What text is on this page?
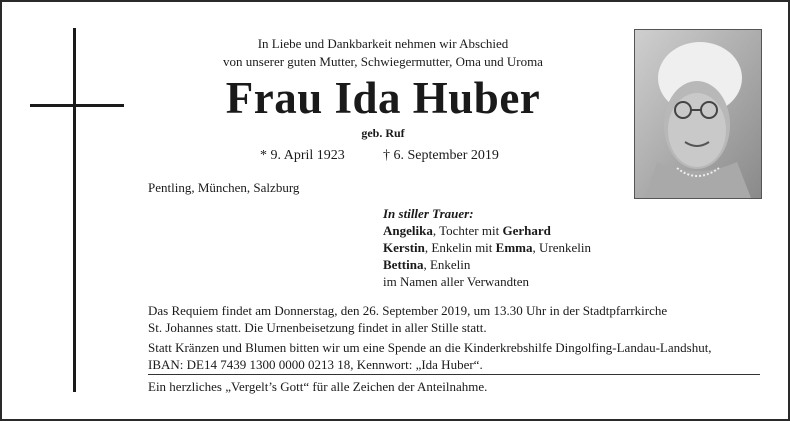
In Liebe und Dankbarkeit nehmen wir Abschied
von unserer guten Mutter, Schwiegermutter, Oma und Uroma
Frau Ida Huber
geb. Ruf
* 9. April 1923	† 6. September 2019
Pentling, München, Salzburg
In stiller Trauer:
Angelika, Tochter mit Gerhard
Kerstin, Enkelin mit Emma, Urenkelin
Bettina, Enkelin
im Namen aller Verwandten
Das Requiem findet am Donnerstag, den 26. September 2019, um 13.30 Uhr in der Stadtpfarrkirche
St. Johannes statt. Die Urnenbeisetzung findet in aller Stille statt.
Statt Kränzen und Blumen bitten wir um eine Spende an die Kinderkrebshilfe Dingolfing-Landau-Landshut,
IBAN: DE14 7439 1300 0000 0213 18, Kennwort: „Ida Huber“.
Ein herzliches „Vergelt’s Gott“ für alle Zeichen der Anteilnahme.
